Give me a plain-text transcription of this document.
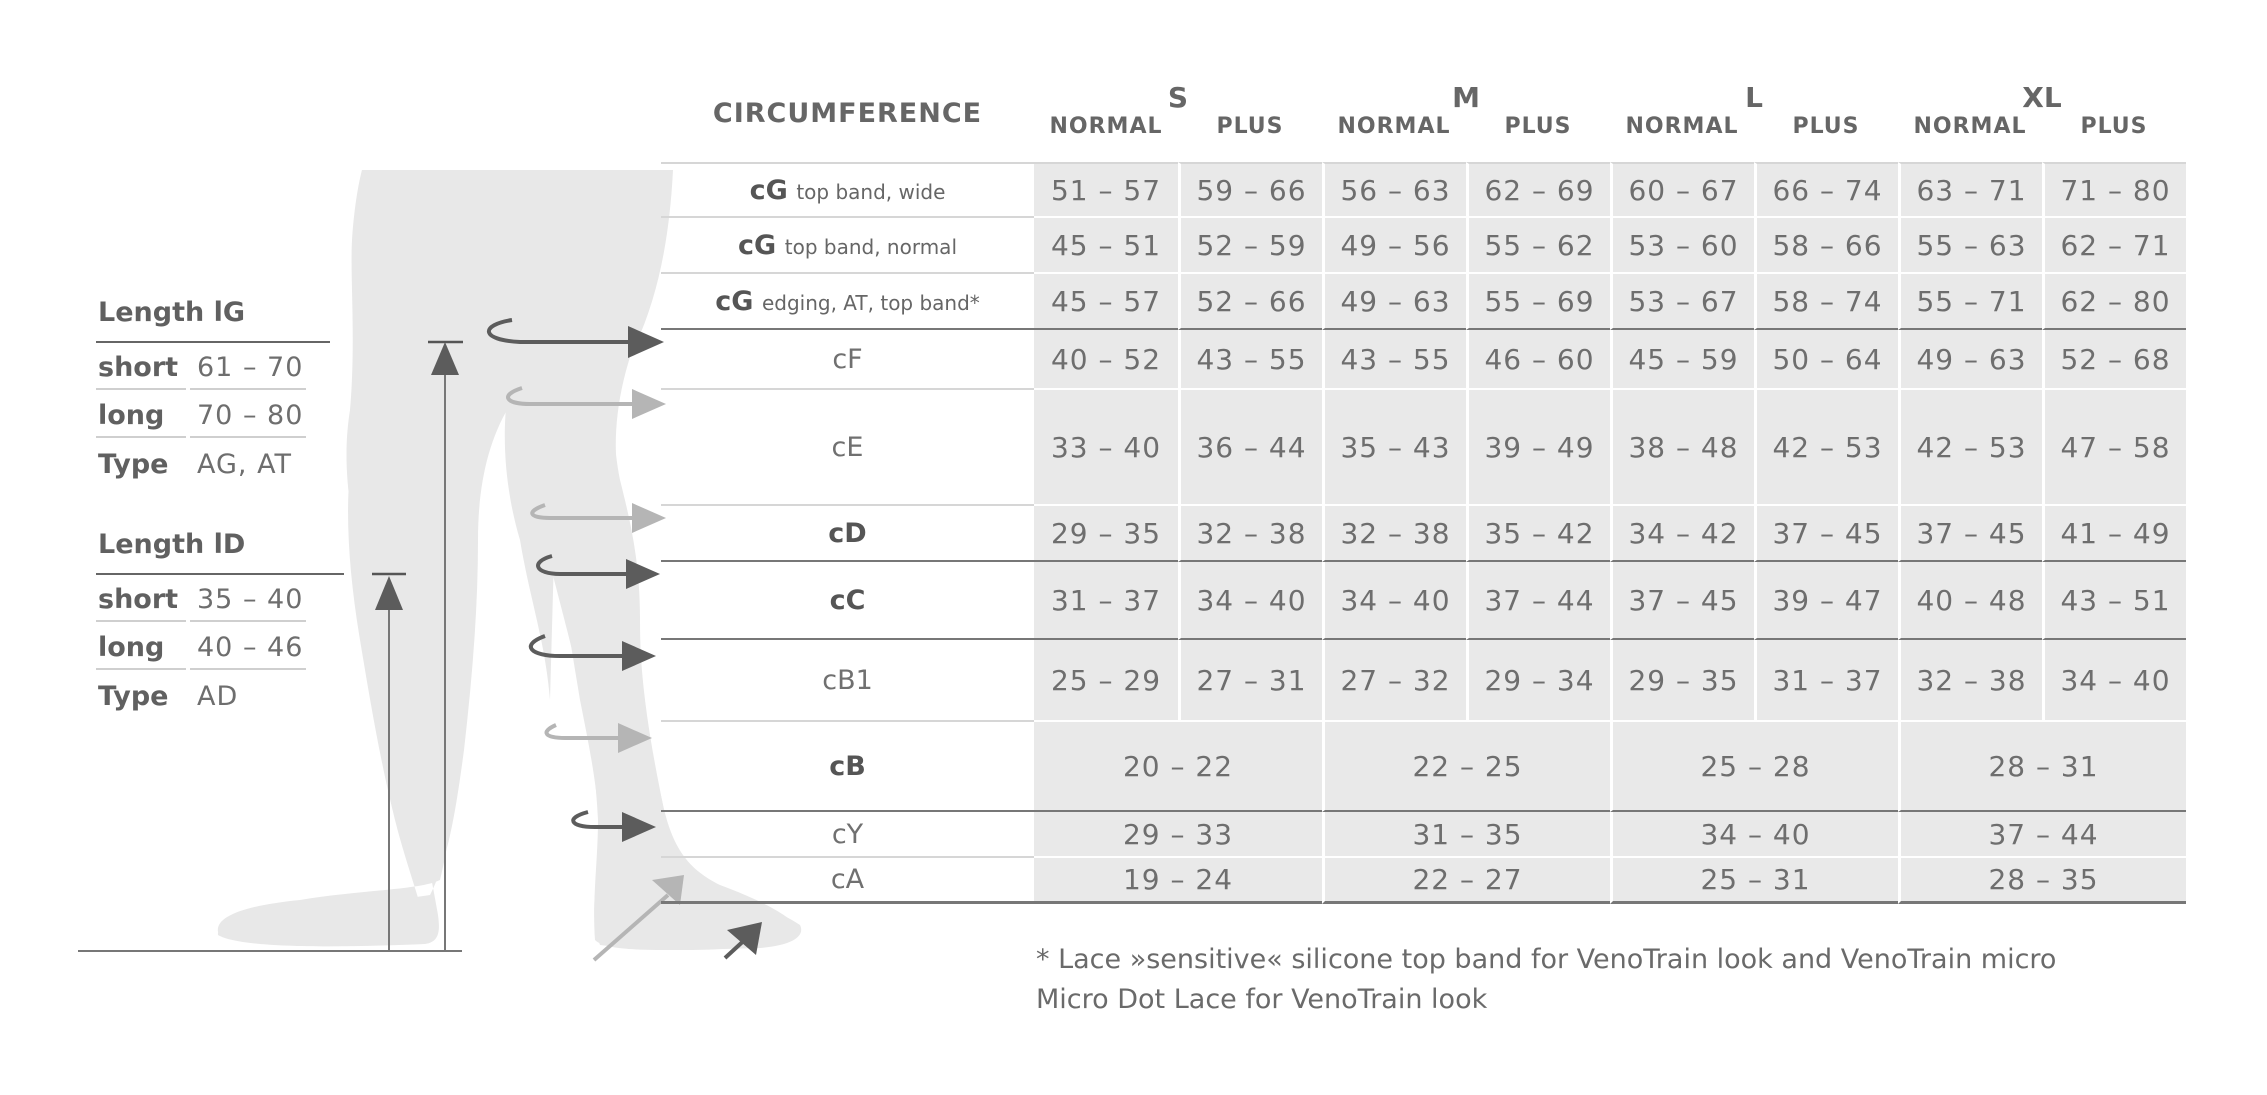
Length lG
short 61 – 70
long 70 – 80
Type AG, AT
Length lD
short 35 – 40
long 40 – 46
Type AD
CIRCUMFERENCE	S		M		L		XL	
	NORMAL	PLUS	NORMAL	PLUS	NORMAL	PLUS	NORMAL	PLUS
cG top band, wide	51 – 57	59 – 66	56 – 63	62 – 69	60 – 67	66 – 74	63 – 71	71 – 80
cG top band, normal	45 – 51	52 – 59	49 – 56	55 – 62	53 – 60	58 – 66	55 – 63	62 – 71
cG edging, AT, top band*	45 – 57	52 – 66	49 – 63	55 – 69	53 – 67	58 – 74	55 – 71	62 – 80
cF	40 – 52	43 – 55	43 – 55	46 – 60	45 – 59	50 – 64	49 – 63	52 – 68
cE	33 – 40	36 – 44	35 – 43	39 – 49	38 – 48	42 – 53	42 – 53	47 – 58
cD	29 – 35	32 – 38	32 – 38	35 – 42	34 – 42	37 – 45	37 – 45	41 – 49
cC	31 – 37	34 – 40	34 – 40	37 – 44	37 – 45	39 – 47	40 – 48	43 – 51
cB1	25 – 29	27 – 31	27 – 32	29 – 34	29 – 35	31 – 37	32 – 38	34 – 40
cB	20 – 22		22 – 25		25 – 28		28 – 31	
cY	29 – 33		31 – 35		34 – 40		37 – 44	
cA	19 – 24		22 – 27		25 – 31		28 – 35	
* Lace »sensitive« silicone top band for VenoTrain look and VenoTrain micro
Micro Dot Lace for VenoTrain look
